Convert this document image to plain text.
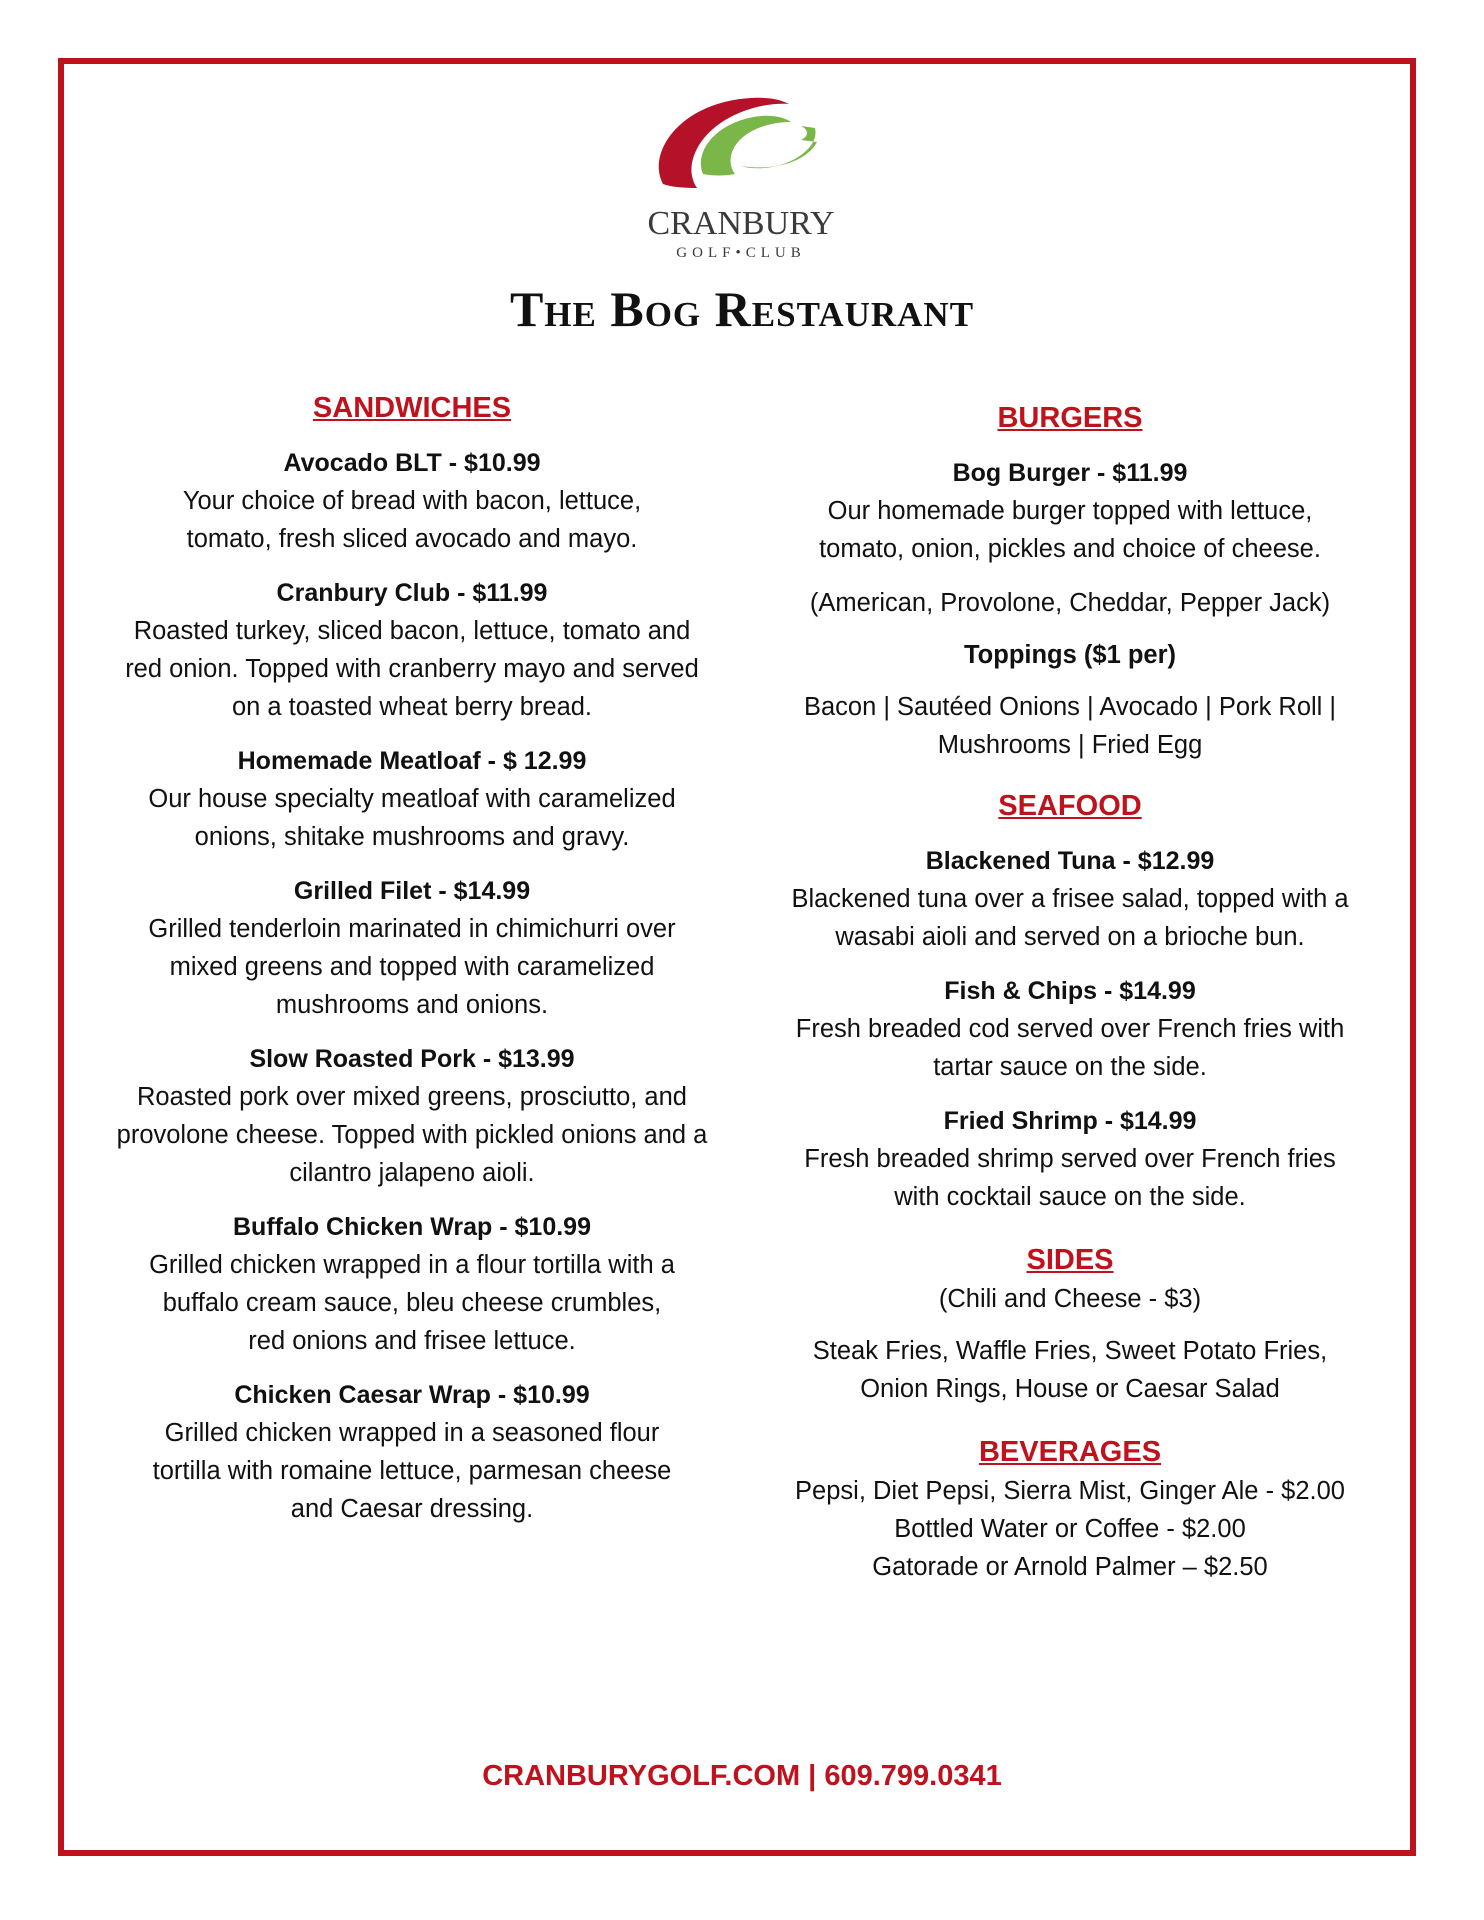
CRANBURY
GOLF•CLUB
The Bog Restaurant
SANDWICHES
Avocado BLT - $10.99
Your choice of bread with bacon, lettuce, tomato, fresh sliced avocado and mayo.
Cranbury Club - $11.99
Roasted turkey, sliced bacon, lettuce, tomato and red onion. Topped with cranberry mayo and served on a toasted wheat berry bread.
Homemade Meatloaf - $ 12.99
Our house specialty meatloaf with caramelized onions, shitake mushrooms and gravy.
Grilled Filet - $14.99
Grilled tenderloin marinated in chimichurri over mixed greens and topped with caramelized mushrooms and onions.
Slow Roasted Pork - $13.99
Roasted pork over mixed greens, prosciutto, and provolone cheese. Topped with pickled onions and a cilantro jalapeno aioli.
Buffalo Chicken Wrap - $10.99
Grilled chicken wrapped in a flour tortilla with a buffalo cream sauce, bleu cheese crumbles, red onions and frisee lettuce.
Chicken Caesar Wrap - $10.99
Grilled chicken wrapped in a seasoned flour tortilla with romaine lettuce, parmesan cheese and Caesar dressing.
BURGERS
Bog Burger - $11.99
Our homemade burger topped with lettuce, tomato, onion, pickles and choice of cheese.
(American, Provolone, Cheddar, Pepper Jack)
Toppings ($1 per)
Bacon | Sautéed Onions | Avocado | Pork Roll | Mushrooms | Fried Egg
SEAFOOD
Blackened Tuna - $12.99
Blackened tuna over a frisee salad, topped with a wasabi aioli and served on a brioche bun.
Fish & Chips - $14.99
Fresh breaded cod served over French fries with tartar sauce on the side.
Fried Shrimp - $14.99
Fresh breaded shrimp served over French fries with cocktail sauce on the side.
SIDES
(Chili and Cheese - $3)
Steak Fries, Waffle Fries, Sweet Potato Fries, Onion Rings, House or Caesar Salad
BEVERAGES
Pepsi, Diet Pepsi, Sierra Mist, Ginger Ale - $2.00
Bottled Water or Coffee - $2.00
Gatorade or Arnold Palmer – $2.50
CRANBURYGOLF.COM | 609.799.0341
